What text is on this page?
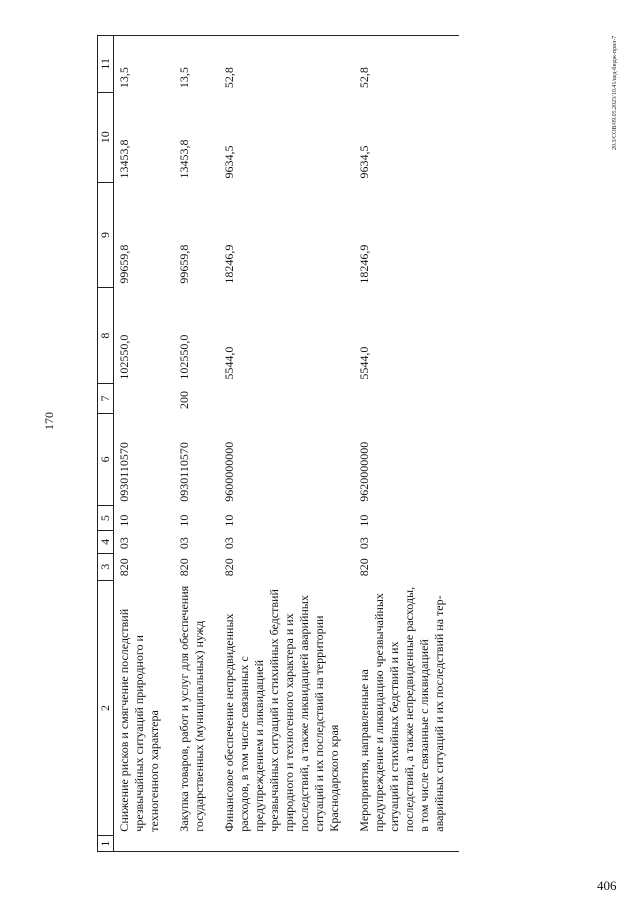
170
20.3/СОВ/09.05.2023/10.41/вед-бюдж-прил-7
1	2	3	4	5	6	7	8	9	10	11
	Снижение рисков и смягчение последствий чрезвычайных ситуаций природного и техногенного характера	820	03	10	0930110570		102550,0	99659,8	13453,8	13,5
	Закупка товаров, работ и услуг для обеспечения государственных (муниципальных) нужд	820	03	10	0930110570	200	102550,0	99659,8	13453,8	13,5
	Финансовое обеспечение непредвиденных расходов, в том числе связанных с предупреждением и ликвидацией чрезвычайных ситуаций и стихийных бедствий природного и техногенного характера и их последствий, а также ликвидацией аварийных ситуаций и их последствий на территории Краснодарского края	820	03	10	9600000000		5544,0	18246,9	9634,5	52,8
	Мероприятия, направленные на предупреждение и ликвидацию чрезвычайных ситуаций и стихийных бедствий и их последствий, а также непредвиденные расходы, в том числе связанные с ликвидацией аварийных ситуаций и их последствий на тер-	820	03	10	9620000000		5544,0	18246,9	9634,5	52,8
406
